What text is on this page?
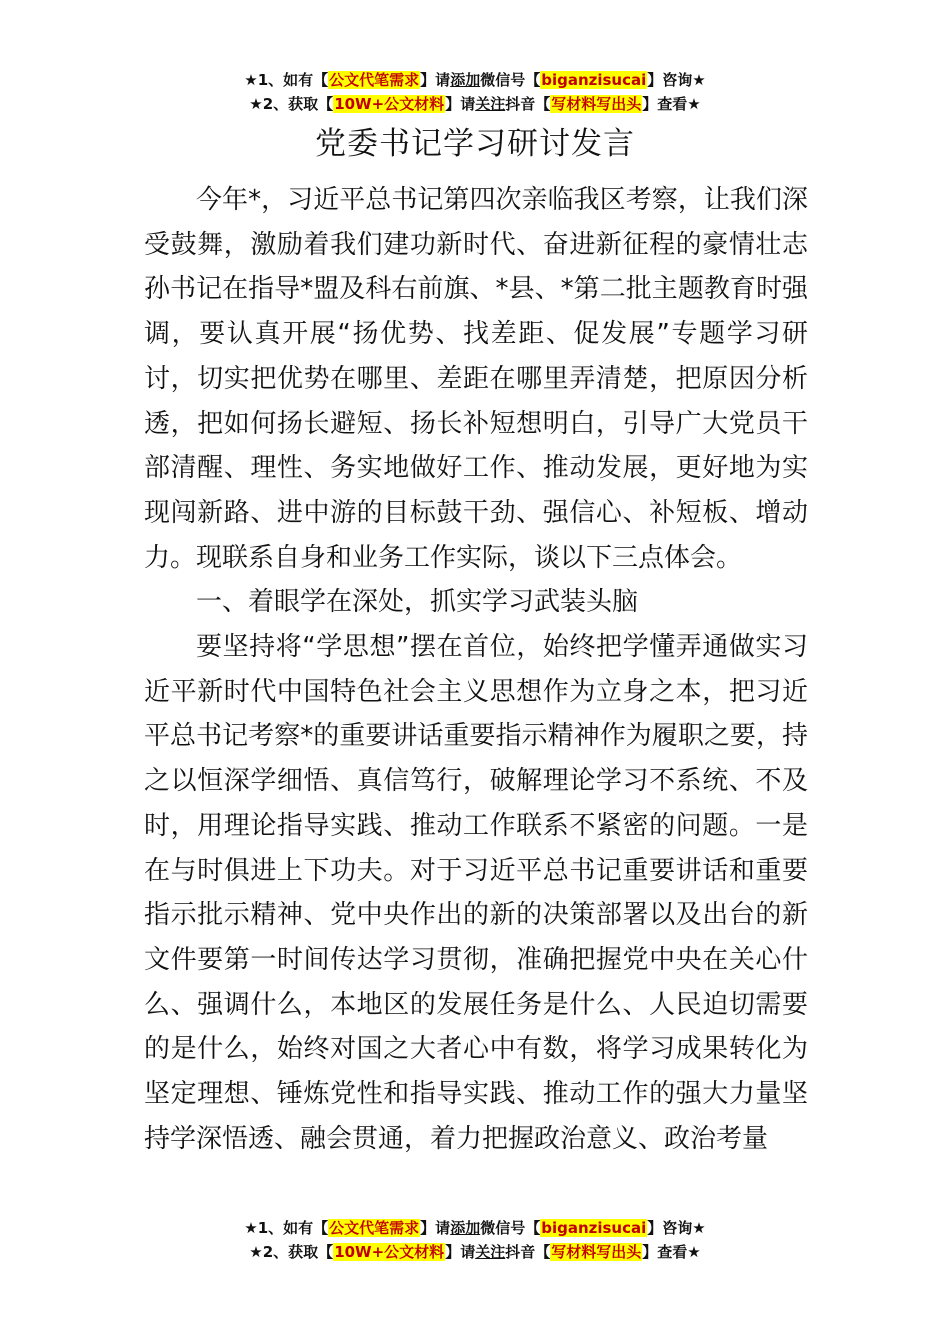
★1、如有【公文代笔需求】请添加微信号【biganzisucai】咨询★
★2、获取【10W+公文材料】请关注抖音【写材料写出头】查看★
党委书记学习研讨发言

今年*，习近平总书记第四次亲临我区考察，让我们深受鼓舞，激励着我们建功新时代、奋进新征程的豪情壮志孙书记在指导*盟及科右前旗、*县、*第二批主题教育时强调，要认真开展“扬优势、找差距、促发展”专题学习研讨，切实把优势在哪里、差距在哪里弄清楚，把原因分析透，把如何扬长避短、扬长补短想明白，引导广大党员干部清醒、理性、务实地做好工作、推动发展，更好地为实现闯新路、进中游的目标鼓干劲、强信心、补短板、增动力。现联系自身和业务工作实际，谈以下三点体会。

一、着眼学在深处，抓实学习武装头脑

要坚持将“学思想”摆在首位，始终把学懂弄通做实习近平新时代中国特色社会主义思想作为立身之本，把习近平总书记考察*的重要讲话重要指示精神作为履职之要，持之以恒深学细悟、真信笃行，破解理论学习不系统、不及时，用理论指导实践、推动工作联系不紧密的问题。一是在与时俱进上下功夫。对于习近平总书记重要讲话和重要指示批示精神、党中央作出的新的决策部署以及出台的新文件要第一时间传达学习贯彻，准确把握党中央在关心什么、强调什么，本地区的发展任务是什么、人民迫切需要的是什么，始终对国之大者心中有数，将学习成果转化为坚定理想、锤炼党性和指导实践、推动工作的强大力量坚持学深悟透、融会贯通，着力把握政治意义、政治考量

★1、如有【公文代笔需求】请添加微信号【biganzisucai】咨询★
★2、获取【10W+公文材料】请关注抖音【写材料写出头】查看★
